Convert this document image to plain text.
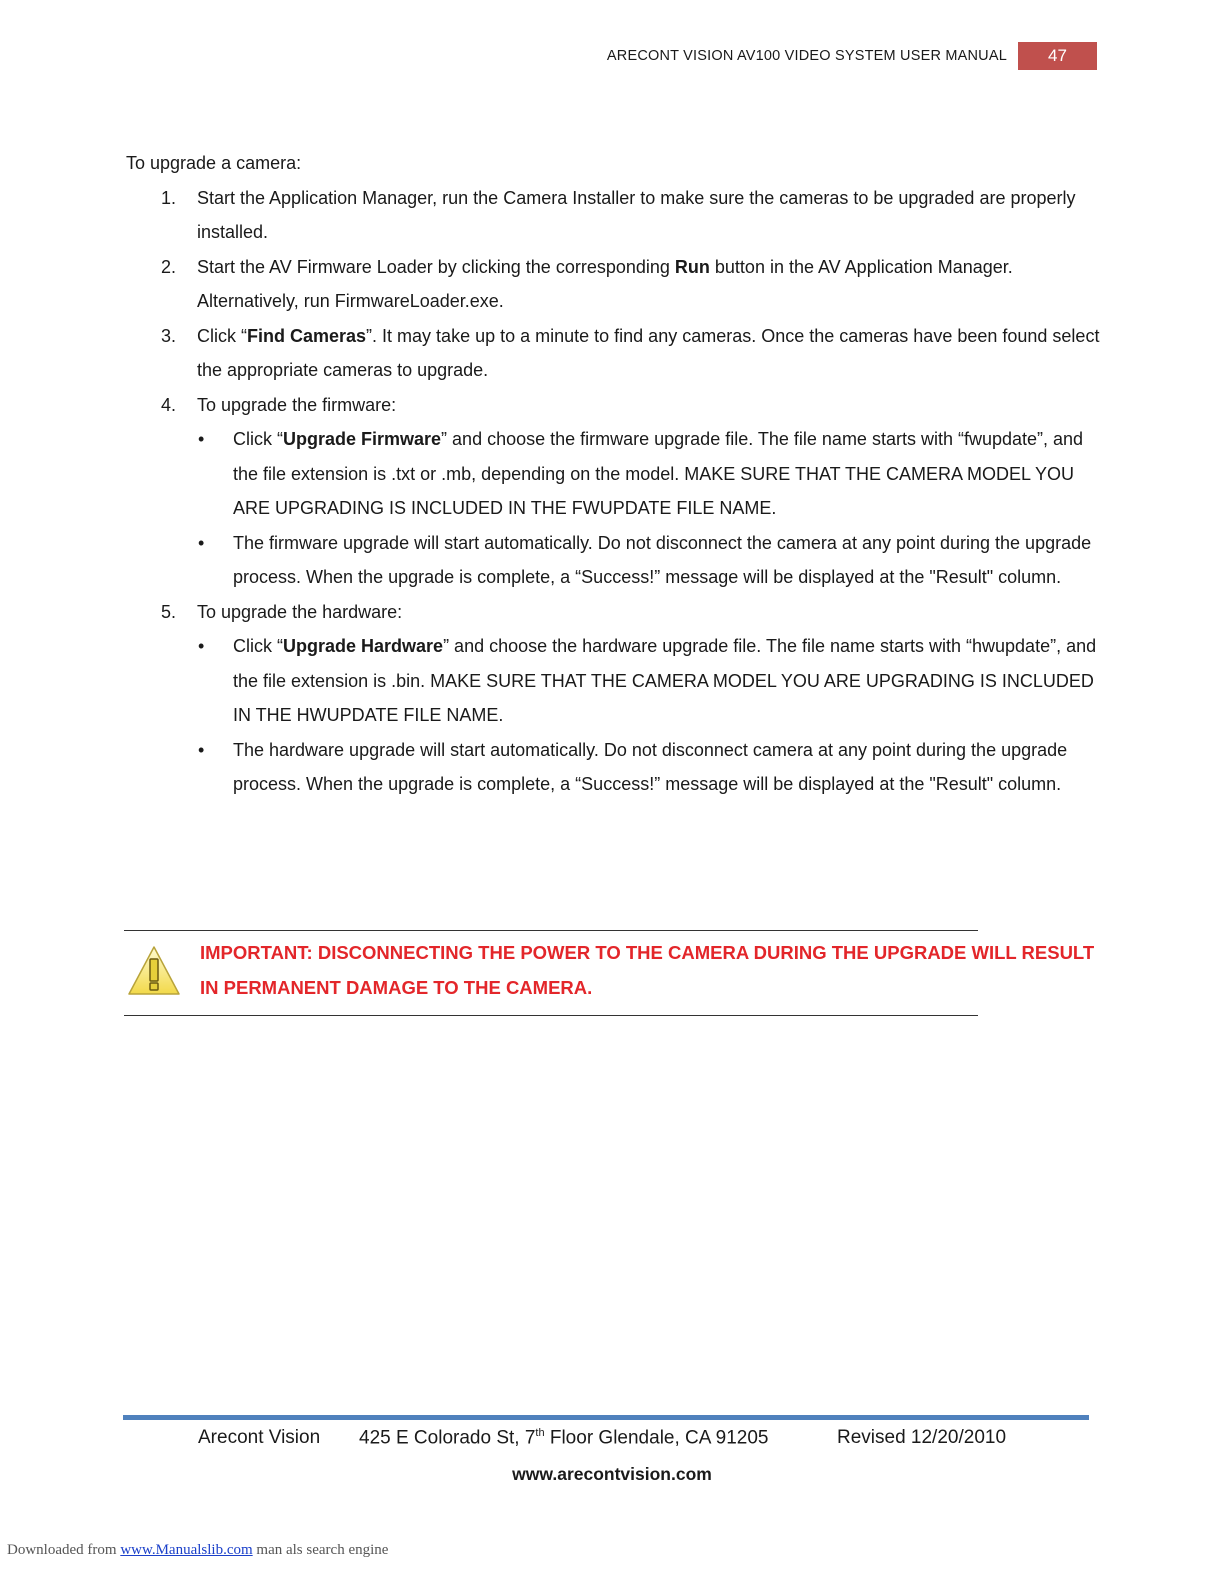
ARECONT VISION AV100 VIDEO SYSTEM USER MANUAL	47

To upgrade a camera:

1. Start the Application Manager, run the Camera Installer to make sure the cameras to be upgraded are properly installed.
2. Start the AV Firmware Loader by clicking the corresponding Run button in the AV Application Manager. Alternatively, run FirmwareLoader.exe.
3. Click “Find Cameras”. It may take up to a minute to find any cameras. Once the cameras have been found select the appropriate cameras to upgrade.
4. To upgrade the firmware:
• Click “Upgrade Firmware” and choose the firmware upgrade file. The file name starts with “fwupdate”, and the file extension is .txt or .mb, depending on the model. MAKE SURE THAT THE CAMERA MODEL YOU ARE UPGRADING IS INCLUDED IN THE FWUPDATE FILE NAME.
• The firmware upgrade will start automatically. Do not disconnect the camera at any point during the upgrade process. When the upgrade is complete, a “Success!” message will be displayed at the "Result" column.
5. To upgrade the hardware:
• Click “Upgrade Hardware” and choose the hardware upgrade file. The file name starts with “hwupdate”, and the file extension is .bin. MAKE SURE THAT THE CAMERA MODEL YOU ARE UPGRADING IS INCLUDED IN THE HWUPDATE FILE NAME.
• The hardware upgrade will start automatically. Do not disconnect camera at any point during the upgrade process. When the upgrade is complete, a “Success!” message will be displayed at the "Result" column.
IMPORTANT: DISCONNECTING THE POWER TO THE CAMERA DURING THE UPGRADE WILL RESULT IN PERMANENT DAMAGE TO THE CAMERA.
Arecont Vision 425 E Colorado St, 7th Floor Glendale, CA 91205	Revised 12/20/2010
www.arecontvision.com
Downloaded from www.Manualslib.com man als search engine
